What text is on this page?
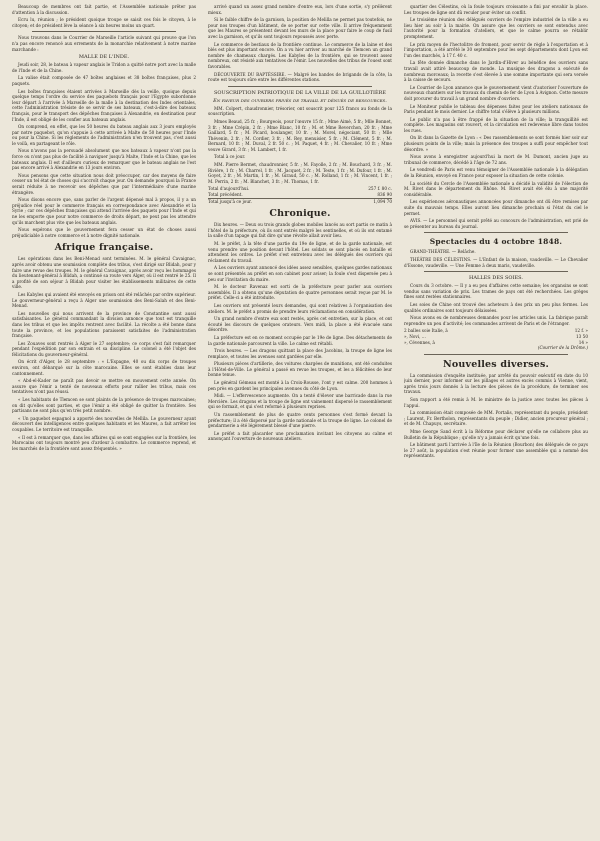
Beaucoup de membres ont fait partie, et l'Assemblée nationale prêter pas d'attention à la discussion.

Ecru lu, réunion ; le président quoique troupe se saisit ces fois le citoyen, à le citoyen; et de président lève la séance à six heures moins un quart.

Nous trouvons dans le Courrier de Marseille l'article suivant qui prouve que l'on n'a pas encore renoncé aux errements de la monarchie relativement à notre marine marchande :

MALLE DE L'INDE.

Jeudi soir, 28, le bateau à vapeur anglais le Tridon a quitté notre port avec la malle de l'Inde et de la Chine.

La valise était composée de 47 boîtes anglaises et 38 boîtes françaises, plus 2 paquets.

Les boîtes françaises étaient arrivées à Marseille dès la veille, quoique depuis quelque temps l'ordre du service des paquebots français pour l'Egypte subordonne leur départ à l'arrivée à Marseille de la malle à la destination des Indes orientales, cette l'administration trésiste de se servir de ses bateaux, c'est-à-dire des bateaux français, pour le transport des dépêches françaises à Alexandrie, en destination pour l'Inde, il est obligé de les confier aux bateaux anglais.

On comprend, en effet, que les 50 heures du bateau anglais aux 3 jours employés par notre paquebot, qu'on s'appuie à cette arrivée à Malte de 50 heures pour l'Inde ou pour la Chine. Si les règlements de l'administration n'en trouvent pas, c'est aussi le voilà, en partageant le rôle.

Nous n'avons pas la persuadé absolument que nos bateaux à vapeur n'ont pas la force ou n'ont pas plus de facilité à naviguer jusqu'à Malte, l'Inde et la Chine, que les bateaux anglais. Il est d'ailleurs curieux de remarquer que le bateau anglais ne l'est pas encore arrivé à Alexandrie en 13 jours environ.

Nous pensons que cette situation nous doit préoccuper, car des moyens de faire cesser un tel état de choses qui s'accroît chaque jour. On demande pourquoi la France serait réduite à ne recevoir ses dépêches que par l'intermédiaire d'une marine étrangère.

Nous disons encore que, sans parler de l'argent dépensé mal à propos, il y a un préjudice réel pour le commerce français en correspondance avec Alexandrie et la Syrie ; car ces dépêches françaises qui attend l'arrivée des paquets pour l'Inde et qui ne les emporte que pour notre commerce de droits départ, ne peut pas les attendre qu'ils marchent plus vite que les bateaux anglais.

Nous espérons que le gouvernement fera cesser un état de choses aussi préjudiciable à notre commerce et à notre dignité nationale.

Afrique française.

Les opérations dans les Beni-Menad sont terminées. M. le général Cavaignac, après avoir obtenu une soumission complète des tribus, s'est dirigé sur Blidah, pour y faire une revue des troupes. M. le général Cavaignac, après avoir reçu les hommages du lieutenant-général à Blidah, a continué sa route vers Alger, où il est rentré le 25. Il a profité de son séjour à Blidah pour visiter les établissements militaires de cette ville.

Les Kabyles qui avaient été envoyés en prison ont été relâchés par ordre supérieur. Le gouverneur-général a reçu à Alger une soumission des Beni-Salah et des Beni-Menad.

Les nouvelles qui nous arrivent de la province de Constantine sont aussi satisfaisantes. Le général commandant la division annonce que tout est tranquille dans les tribus et que les impôts rentrent avec facilité. La récolte a été bonne dans toute la province, et les populations paraissent satisfaites de l'administration française.

Les Zouaves sont rentrés à Alger le 27 septembre; ce corps s'est fait remarquer pendant l'expédition par son entrain et sa discipline. Le colonel a été l'objet des félicitations du gouverneur-général.

On écrit d'Alger, le 28 septembre : « L'Espagne, 40 ou dix corps de troupes environ, ont débarqué sur la côte marocaine. Elles se sont établies dans leur cantonnement.

« Abd-el-Kader ne paraît pas devoir se mettre en mouvement cette année. On assure que l'émir a tenté de nouveaux efforts pour rallier les tribus, mais ces tentatives n'ont pas réussi.

« Les habitants de Tlemcen se sont plaints de la présence de troupes marocaines; on dit qu'elles sont parties, et que l'émir a été obligé de quitter la frontière. Ses partisans ne sont plus qu'en très petit nombre.

« Un paquebot espagnol a apporté des nouvelles de Mellila. Le gouverneur ayant découvert des intelligences entre quelques habitants et les Maures, a fait arrêter les coupables. Le territoire est tranquille.

« Il est à remarquer que, dans les affaires qui se sont engagées sur la frontière, les Marocains ont toujours montré peu d'ardeur à combattre. Le commerce reprend, et les marchés de la frontière sont assez fréquentés. »

arrivé quand un assez grand nombre d'entre eux, lors d'une sortie, s'y prélèrent mieux.

Si le faible chiffre de la garnison, la position de Melilla ne permet pas toutefois, ne pour nos troupes d'un bâtiment, de se porter sur cette ville. Il arrive fréquemment que les Maures se présentent devant les murs de la place pour faire le coup de fusil avec la garnison, et qu'ils sont toujours repoussés avec perte.

Le commerce de bestiaux de la frontière continue. Le commerce de la laine et des blés est plus important encore. On a vu hier arriver au marché de Tlemcen un grand nombre de chameaux chargés. Les Kabyles de la frontière, qui se trouvent assez nombreux, ont résisté aux tentatives de l'émir. Les nouvelles des tribus de l'ouest sont favorables.

DÉCOUVERTE DU BAPTÉSSIRE. — Malgré les bandes de brigands de la côte, la route est toujours sûre entre les différentes stations.

SOUSCRIPTION PATRIOTIQUE DE LA VILLE DE LA GUILLOTIÈRE
En faveur des ouvriers privés de travail et dénués de ressources.

MM. Colpert, chaudronnier, trésorier, ont souscrit pour 125 francs au fonds de la souscription.

Mmes Beaud, 25 fr. ; Bourgeois, pour l'œuvre 15 fr. ; Mme Aimé, 5 fr.; Mlle Bonnet, 3 fr. ; Mme Crépin, 2 fr. ; Mme Blanc, 10 fr. ; M. et Mme Reverchon, 20 fr. ; Mme Gaillard, 5 fr. ; M. Picard, boulanger, 10 fr. ; M. Morel, négociant, 50 fr. ; Mlle Thévenin, 2 fr. ; M. Cordier, 3 fr. ; M. Rey, menuisier, 5 fr. ; M. Clément, 5 fr. ; M. Bernard, 10 fr. ; M. Duval, 2 fr. 50 c. ; M. Paquet, 4 fr. ; M. Chevalier, 10 fr. ; Mme veuve Girard, 3 fr. ; M. Lambert, 1 fr.

Total à ce jour.

MM. Pierre Bermet, chaudronnier, 5 fr. ; M. Fayolle, 2 fr. ; M. Bouchard, 3 fr. ; M. Rivière, 1 fr. ; M. Charrel, 1 fr. ; M. Jacquet, 2 fr. ; M. Teste, 1 fr. ; M. Dufour, 1 fr. ; M. Goyet, 2 fr. ; M. Martin, 1 fr. ; M. Giraud, 50 c. ; M. Rolland, 1 fr. ; M. Vincent, 1 fr. ; M. Perrin, 2 fr. ; M. Blanchet, 3 fr. ; M. Thomas, 1 fr.

Total d'aujourd'hui.	257 f. 80 c.
Total précédent.	836 90
Total jusqu'à ce jour.	1,094 70
Chronique.

Dix heures. — Deux ou trois grands globes mobiles lancés au sort partis ce matin à l'hôtel de la préfecture, où ils sont entrés malgré les sentinelles, et où ils ont entamé la salle d'un tapage qui fait dire qu'une révolte allait avoir lieu.

M. le préfet, à la tête d'une partie du 19e de ligne, et de la garde nationale, est venu prendre une position devant l'hôtel. Les soldats se sont placés en bataille et attendent les ordres. Le préfet s'est entretenu avec les délégués des ouvriers qui réclament du travail.

A Les ouvriers ayant annoncé des idées assez sensibles, quelques gardes nationaux se sont présentés au préfet en son cabinet pour aviser; la foule s'est dispersée peu à peu sur l'invitation du maire.

M. le docteur Ravenaz est sorti de la préfecture pour parler aux ouvriers assemblés. Il a obtenu qu'une députation de quatre personnes serait reçue par M. le préfet. Celle-ci a été introduite.

Les ouvriers ont présenté leurs demandes, qui sont relatives à l'organisation des ateliers. M. le préfet a promis de prendre leurs réclamations en considération.

Un grand nombre d'entre eux sont restés, après cet entretien, sur la place, et ont écouté les discours de quelques orateurs. Vers midi, la place a été évacuée sans désordre.

La préfecture est en ce moment occupée par le 19e de ligne. Des détachements de la garde nationale parcourent la ville. Le calme est rétabli.

Trois heures. — Les dragons quittant la place des Jacobins, la troupe de ligne les remplace, et toutes les avenues sont gardées par elle.

Plusieurs pièces d'artillerie, des voitures chargées de munitions, ont été conduites à l'Hôtel-de-Ville. Le général a passé en revue les troupes, et les a félicitées de leur bonne tenue.

Le général Gémeau est monté à la Croix-Rousse, l'ont y est calme. 200 hommes à pen près en gardent les principales avenues du côté de Lyon.

Midi. — L'effervescence augmente. On a tenté d'élever une barricade dans la rue Mercière. Les dragons et la troupe de ligne ont vainement dispersé le rassemblement qui se formait, et qui s'est reformé à plusieurs reprises.

Un rassemblement de plus de quatre cents personnes s'est formé devant la préfecture; il a été dispersé par la garde nationale et la troupe de ligne. Le colonel de gendarmerie a été légèrement blessé d'une pierre.

Le préfet a fait placarder une proclamation invitant les citoyens au calme et annonçant l'ouverture de nouveaux ateliers.

quartier des Célestins, où la foule toujours croissante a fini par envahir la place. Les troupes de ligne ont dû reculer pour éviter un conflit.

Le troisième réunion des délégués ouvriers de l'empire industriel de la ville a eu lieu hier au soir à la mairie. On assure que les ouvriers se sont entendus avec l'autorité pour la formation d'ateliers, et que le calme pourra se rétablir promptement.

Le prix moyen de l'hectolitre de froment, pour servir de règle à l'exportation et à l'importation, a été arrêté le 30 septembre pour les sept départements dont Lyon est l'un des marchés, à 17 f. 40 c.

La fête donnée dimanche dans le Jardin-d'Hiver au bénéfice des ouvriers sans travail avait attiré beaucoup de monde. La musique des dragons a exécuté de nombreux morceaux; la recette s'est élevée à une somme importante qui sera versée à la caisse de secours.

Le Courrier de Lyon annonce que le gouvernement vient d'autoriser l'ouverture de nouveaux chantiers sur les travaux du chemin de fer de Lyon à Avignon. Cette mesure doit procurer du travail à un grand nombre d'ouvriers.

Le Moniteur publie le tableau des dépenses faites pour les ateliers nationaux de Paris pendant le mois dernier. Le chiffre total s'élève à plusieurs millions.

Le public n'a pas à être frappé de la situation de la ville; la tranquillité est complète. Les magasins ont rouvert, et la circulation est redevenue libre dans toutes les rues.

On lit dans la Gazette de Lyon : « Des rassemblements se sont formés hier soir sur plusieurs points de la ville; mais la présence des troupes a suffi pour empêcher tout désordre. »

Nous avons à enregistrer aujourd'hui la mort de M. Dumont, ancien juge au tribunal de commerce, décédé à l'âge de 72 ans.

Le vendredi de Paris est venu témoigner de l'Assemblée nationale à la délégation de la Réunion, envoyé en France pour exposer la situation de cette colonie.

La société du Cercle de l'Assemblée nationale a décidé la validité de l'élection de M. Rivet dans le département du Rhône. M. Rivet avait été élu à une majorité considérable.

Les expériences aéronautiques annoncées pour dimanche ont dû être remises par suite du mauvais temps. Elles auront lieu dimanche prochain si l'état du ciel le permet.

AVIS. — Le personnel qui serait prêté au concours de l'administration, est prié de se présenter au bureau du journal.

Spectacles du 4 octobre 1848.

GRAND-THÉÂTRE. — Relâche.

THÉÂTRE DES CÉLESTINS. — L'Enfant de la maison, vaudeville. — Le Chevalier d'Essone, vaudeville. — Une Femme à deux maris, vaudeville.

HALLES DES SOIES.

Cours du 3 octobre. — Il y a eu peu d'affaires cette semaine; les organsins se sont vendus sans variation de prix. Les trames de pays ont été recherchées. Les grèges fines sont restées stationnaires.

Les soies de Chine ont trouvé des acheteurs à des prix un peu plus fermes. Les qualités ordinaires sont toujours délaissées.

Nous avons eu de nombreuses demandes pour les articles unis. La fabrique paraît reprendre un peu d'activité; les commandes arrivent de Paris et de l'étranger.

2 balles soie Italie, à	12 f. »
», Novi, ...	13 50
», Cévennes, à	14 »
(Courrier de la Drôme.)
Nouvelles diverses.

La commission d'enquête instituée, par arrêté du pouvoir exécutif en date du 10 juin dernier, pour informer sur les pillages et autres excès commis à Vienne, vient, après trois jours donnés à la lecture des pièces de la procédure, de terminer ses travaux.

Son rapport a été remis à M. le ministre de la justice avec toutes les pièces à l'appui.

La commission était composée de MM. Portalis, représentant du peuple, président ; Laurent, Fr. Bertholon, représentants du peuple ; Didier, ancien procureur général ; et de M. Chapuys, secrétaire.

Mme George Sand écrit à la Réforme pour déclarer qu'elle ne collabore plus au Bulletin de la République ; qu'elle n'y a jamais écrit qu'une fois.

Le bâtiment parti l'arrivée à l'île de la Réunion (Bourbon) des délégués de ce pays le 27 août, la population s'est réunie pour former une assemblée qui a nommé des représentants.
